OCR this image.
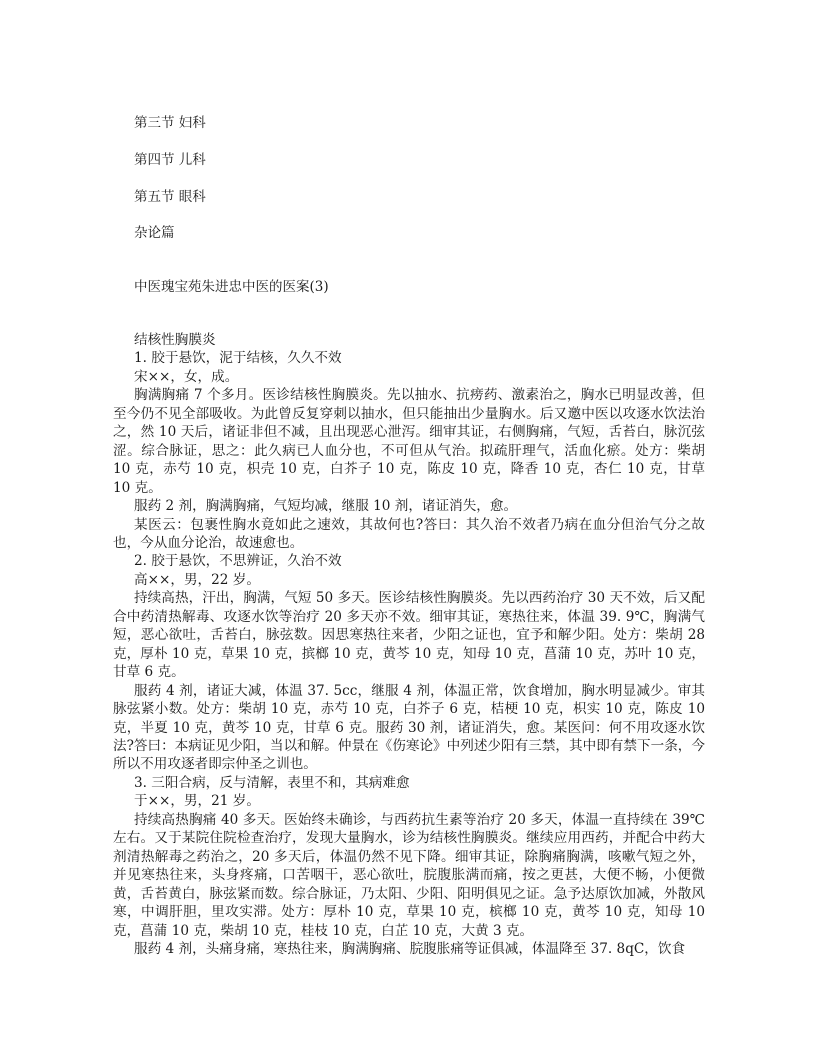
第三节 妇科
第四节 儿科
第五节 眼科
杂论篇
中医瑰宝苑朱进忠中医的医案(3)

结核性胸膜炎

1. 胶于悬饮，泥于结核，久久不效

宋××，女，成。

胸满胸痛 7 个多月。医诊结核性胸膜炎。先以抽水、抗痨药、激素治之，胸水已明显改善，但至今仍不见全部吸收。为此曾反复穿刺以抽水，但只能抽出少量胸水。后又邀中医以攻逐水饮法治之，然 10 天后，诸证非但不减，且出现恶心泄泻。细审其证，右侧胸痛，气短，舌苔白，脉沉弦涩。综合脉证，思之：此久病已人血分也，不可但从气治。拟疏肝理气，活血化瘀。处方：柴胡 10 克，赤芍 10 克，枳壳 10 克，白芥子 10 克，陈皮 10 克，降香 10 克，杏仁 10 克，甘草 10 克。

服药 2 剂，胸满胸痛，气短均减，继服 10 剂，诸证消失，愈。

某医云：包裹性胸水竟如此之速效，其故何也?答曰：其久治不效者乃病在血分但治气分之故也，今从血分论治，故速愈也。

2. 胶于悬饮，不思辨证，久治不效

高××，男，22 岁。

持续高热，汗出，胸满，气短 50 多天。医诊结核性胸膜炎。先以西药治疗 30 天不效，后又配合中药清热解毒、攻逐水饮等治疗 20 多天亦不效。细审其证，寒热往来，体温 39. 9℃，胸满气短，恶心欲吐，舌苔白，脉弦数。因思寒热往来者，少阳之证也，宜予和解少阳。处方：柴胡 28 克，厚朴 10 克，草果 10 克，摈榔 10 克，黄芩 10 克，知母 10 克，菖蒲 10 克，苏叶 10 克，甘草 6 克。

服药 4 剂，诸证大减，体温 37. 5cc，继服 4 剂，体温正常，饮食增加，胸水明显减少。审其脉弦紧小数。处方：柴胡 10 克，赤芍 10 克，白芥子 6 克，桔梗 10 克，枳实 10 克，陈皮 10 克，半夏 10 克，黄芩 10 克，甘草 6 克。服药 30 剂，诸证消失，愈。某医问：何不用攻逐水饮法?答曰：本病证见少阳，当以和解。仲景在《伤寒论》中列述少阳有三禁，其中即有禁下一条，今所以不用攻逐者即宗仲圣之训也。

3. 三阳合病，反与清解，表里不和，其病难愈

于××，男，21 岁。

持续高热胸痛 40 多天。医始终未确诊，与西药抗生素等治疗 20 多天，体温一直持续在 39℃左右。又于某院住院检查治疗，发现大量胸水，诊为结核性胸膜炎。继续应用西药，并配合中药大剂清热解毒之药治之，20 多天后，体温仍然不见下降。细审其证，除胸痛胸满，咳嗽气短之外，并见寒热往来，头身疼痛，口苦咽干，恶心欲吐，脘腹胀满而痛，按之更甚，大便不畅，小便微黄，舌苔黄白，脉弦紧而数。综合脉证，乃太阳、少阳、阳明俱见之证。急予达原饮加减，外散风寒，中调肝胆，里攻实滞。处方：厚朴 10 克，草果 10 克，槟榔 10 克，黄芩 10 克，知母 10 克，菖蒲 10 克，柴胡 10 克，桂枝 10 克，白芷 10 克，大黄 3 克。

服药 4 剂，头痛身痛，寒热往来，胸满胸痛、脘腹胀痛等证俱减，体温降至 37. 8qC，饮食
